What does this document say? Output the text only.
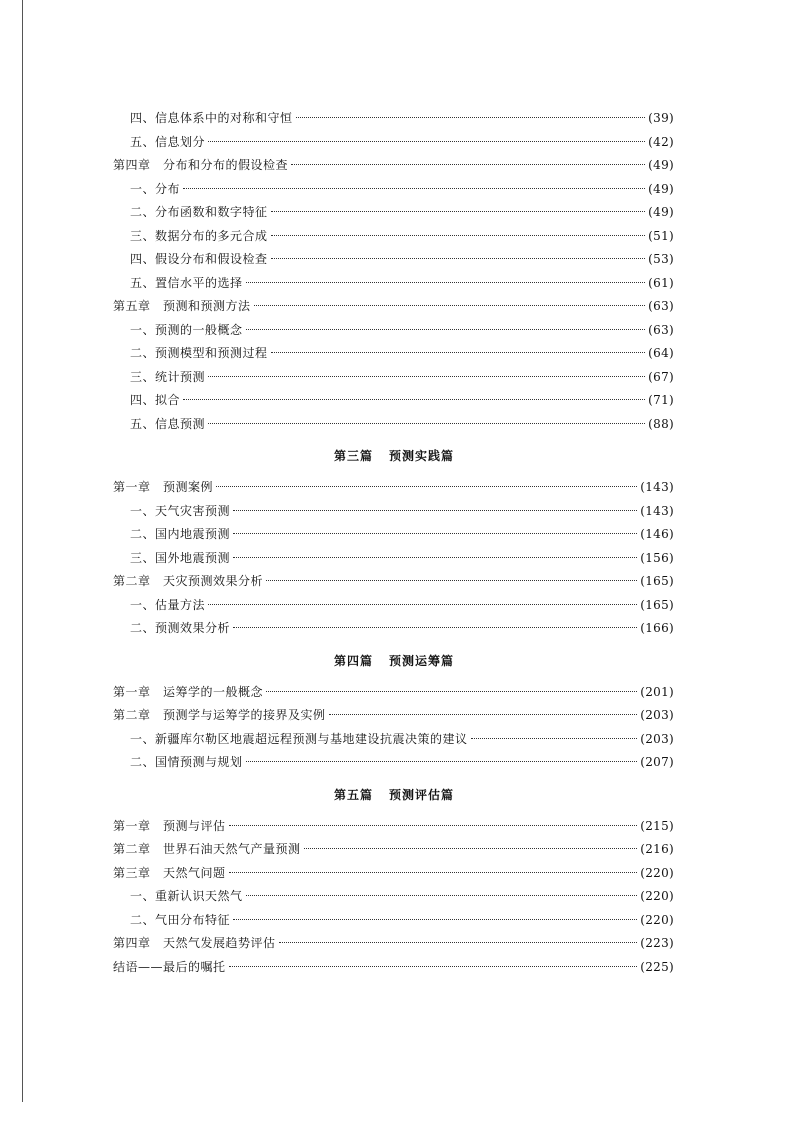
四、信息体系中的对称和守恒	(39)
五、信息划分	(42)
第四章　分布和分布的假设检查	(49)
一、分布	(49)
二、分布函数和数字特征	(49)
三、数据分布的多元合成	(51)
四、假设分布和假设检查	(53)
五、置信水平的选择	(61)
第五章　预测和预测方法	(63)
一、预测的一般概念	(63)
二、预测模型和预测过程	(64)
三、统计预测	(67)
四、拟合	(71)
五、信息预测	(88)
第三篇 预测实践篇
第一章　预测案例	(143)
一、天气灾害预测	(143)
二、国内地震预测	(146)
三、国外地震预测	(156)
第二章　天灾预测效果分析	(165)
一、估量方法	(165)
二、预测效果分析	(166)
第四篇 预测运筹篇
第一章　运筹学的一般概念	(201)
第二章　预测学与运筹学的接界及实例	(203)
一、新疆库尔勒区地震超远程预测与基地建设抗震决策的建议	(203)
二、国情预测与规划	(207)
第五篇 预测评估篇
第一章　预测与评估	(215)
第二章　世界石油天然气产量预测	(216)
第三章　天然气问题	(220)
一、重新认识天然气	(220)
二、气田分布特征	(220)
第四章　天然气发展趋势评估	(223)
结语——最后的嘱托	(225)
